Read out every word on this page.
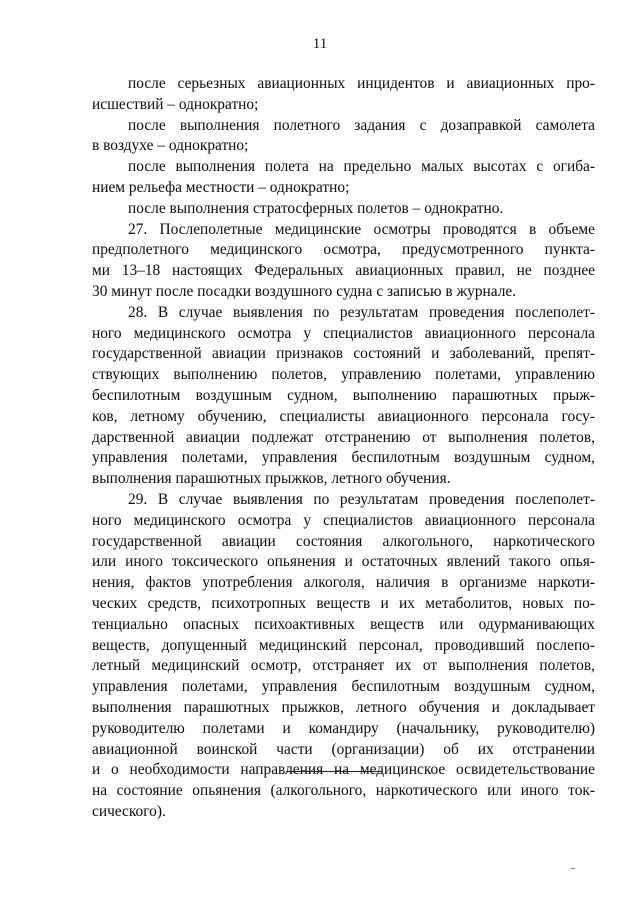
11
после серьезных авиационных инцидентов и авиационных про-
исшествий – однократно;
после выполнения полетного задания с дозаправкой самолета
в воздухе – однократно;
после выполнения полета на предельно малых высотах с огиба-
нием рельефа местности – однократно;
после выполнения стратосферных полетов – однократно.
27. Послеполетные медицинские осмотры проводятся в объеме
предполетного медицинского осмотра, предусмотренного пункта-
ми 13–18 настоящих Федеральных авиационных правил, не позднее
30 минут после посадки воздушного судна с записью в журнале.
28. В случае выявления по результатам проведения послеполет-
ного медицинского осмотра у специалистов авиационного персонала
государственной авиации признаков состояний и заболеваний, препят-
ствующих выполнению полетов, управлению полетами, управлению
беспилотным воздушным судном, выполнению парашютных прыж-
ков, летному обучению, специалисты авиационного персонала госу-
дарственной авиации подлежат отстранению от выполнения полетов,
управления полетами, управления беспилотным воздушным судном,
выполнения парашютных прыжков, летного обучения.
29. В случае выявления по результатам проведения послеполет-
ного медицинского осмотра у специалистов авиационного персонала
государственной авиации состояния алкогольного, наркотического
или иного токсического опьянения и остаточных явлений такого опья-
нения, фактов употребления алкоголя, наличия в организме наркоти-
ческих средств, психотропных веществ и их метаболитов, новых по-
тенциально опасных психоактивных веществ или одурманивающих
веществ, допущенный медицинский персонал, проводивший послепо-
летный медицинский осмотр, отстраняет их от выполнения полетов,
управления полетами, управления беспилотным воздушным судном,
выполнения парашютных прыжков, летного обучения и докладывает
руководителю полетами и командиру (начальнику, руководителю)
авиационной воинской части (организации) об их отстранении
и о необходимости направления на медицинское освидетельствование
на состояние опьянения (алкогольного, наркотического или иного ток-
сического).
